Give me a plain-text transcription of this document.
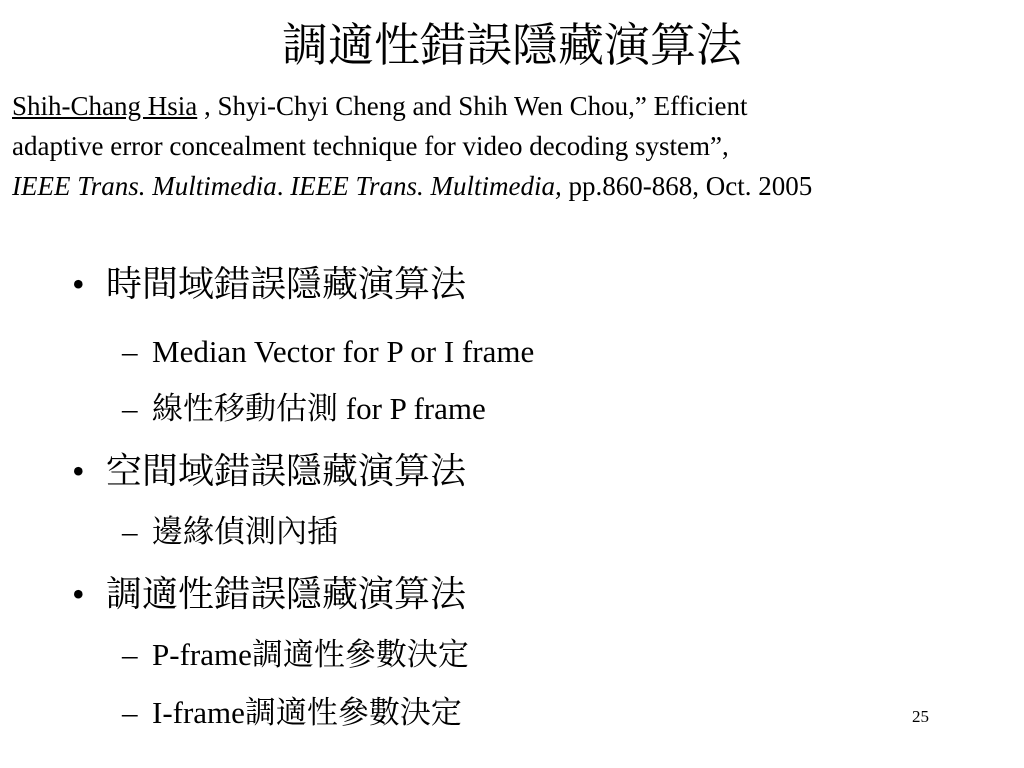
調適性錯誤隱藏演算法
Shih-Chang Hsia , Shyi-Chyi Cheng and Shih Wen Chou,” Efficient
adaptive error concealment technique for video decoding system”,
IEEE Trans. Multimedia. IEEE Trans. Multimedia, pp.860-868, Oct. 2005
• 時間域錯誤隱藏演算法
– Median Vector for P or I frame
– 線性移動估測 for P frame
• 空間域錯誤隱藏演算法
– 邊緣偵測內插
• 調適性錯誤隱藏演算法
– P-frame調適性參數決定
– I-frame調適性參數決定	25
